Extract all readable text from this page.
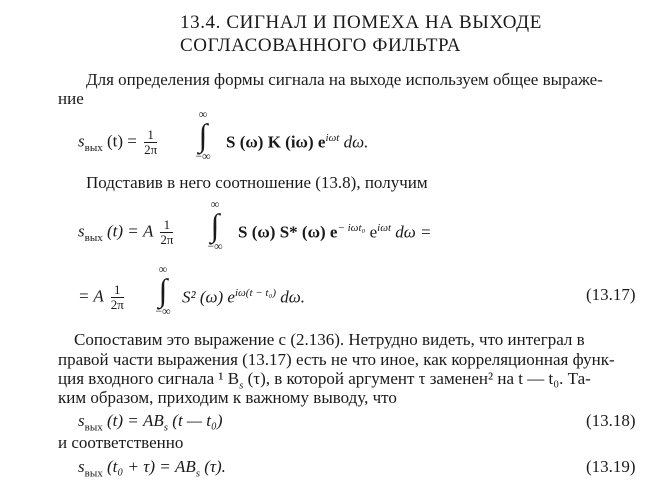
13.4. СИГНАЛ И ПОМЕХА НА ВЫХОДЕ
СОГЛАСОВАННОГО ФИЛЬТРА
Для определения формы сигнала на выходе используем общее выраже-
ние
$s_{вых}$ $(t) = \frac{1}{2\pi}$
∞
∫
−∞
S (ω) K (iω) $e^{i\omega t}$ dω.
Подставив в него соотношение (13.8), получим
$s_{вых}$ (t) = A $\frac{1}{2\pi}$
∞
∫
−∞
S (ω) S* (ω) $e^{- i\omega t_0}$ $e^{i\omega t}$ dω =
= A $\frac{1}{2\pi}$
∞
∫
−∞
S² (ω) $e^{i\omega(t - t_0)}$ dω.	(13.17)
Сопоставим это выражение с (2.136). Нетрудно видеть, что интеграл в
правой части выражения (13.17) есть не что иное, как корреляционная функ-
ция входного сигнала ¹ $B_s$ (τ), в которой аргумент τ заменен² на t — t₀. Та-
ким образом, приходим к важному выводу, что
$s_{вых}$ $(t) = AB_s$ (t — t₀)	(13.18)
и соответственно
$s_{вых}$ $(t_0 + \tau) = AB_s$ (τ).	(13.19)
